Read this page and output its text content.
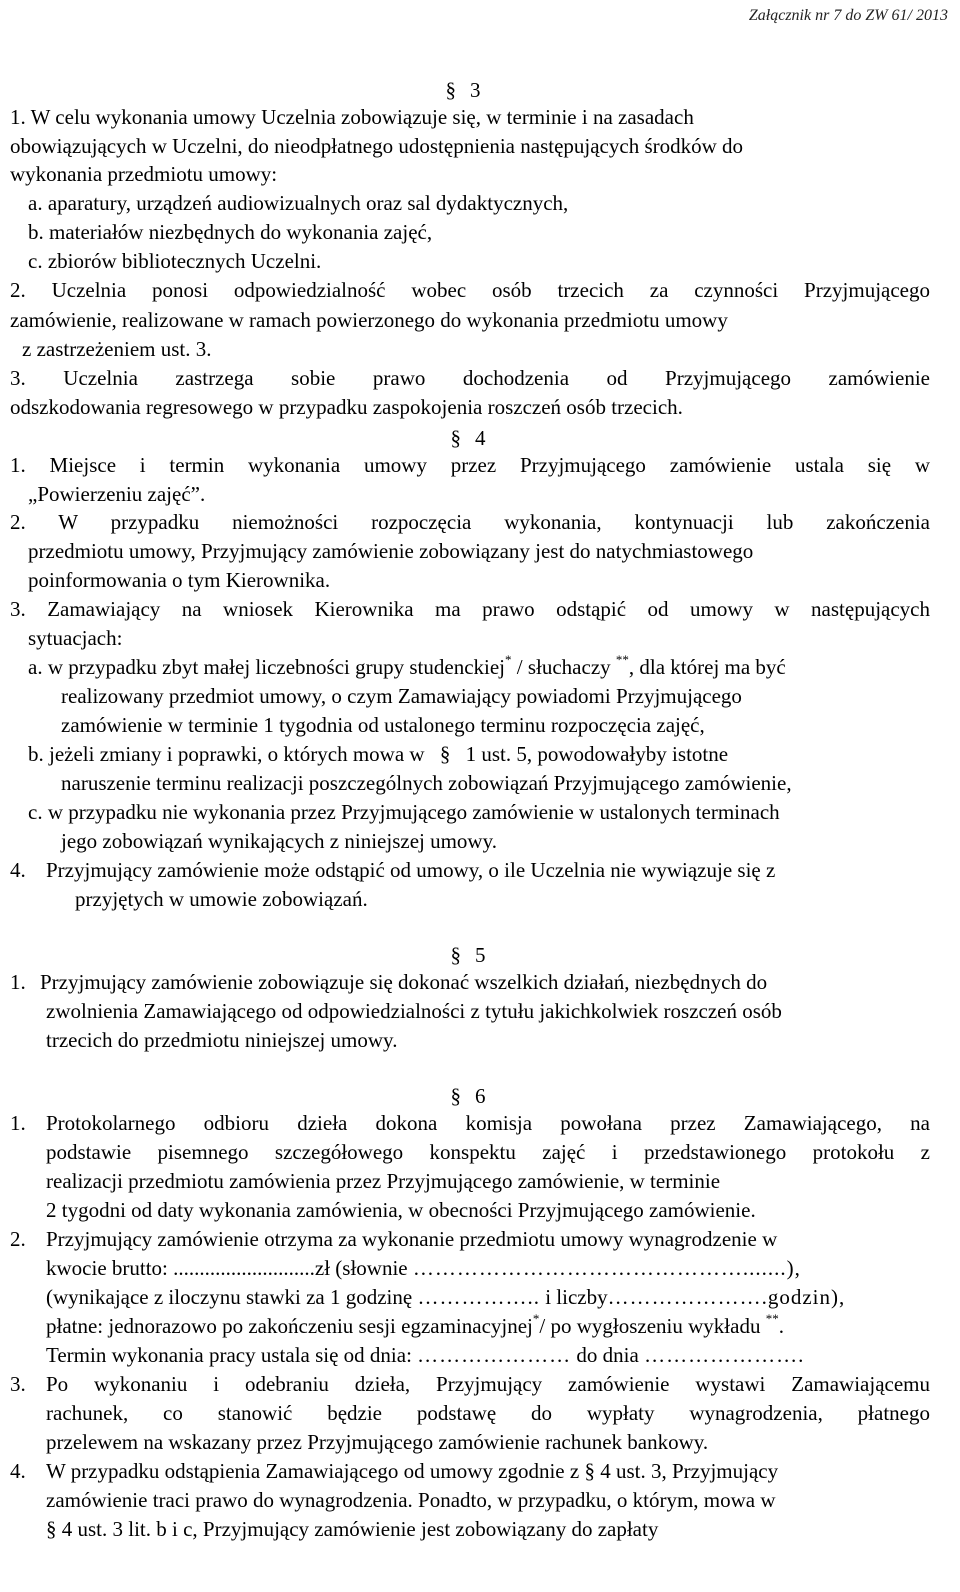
Załącznik nr 7 do ZW 61/ 2013
§ 3
1. W celu wykonania umowy Uczelnia zobowiązuje się, w terminie i na zasadach
obowiązujących w Uczelni, do nieodpłatnego udostępnienia następujących środków do
wykonania przedmiotu umowy:
a. aparatury, urządzeń audiowizualnych oraz sal dydaktycznych,
b. materiałów niezbędnych do wykonania zajęć,
c. zbiorów bibliotecznych Uczelni.
2. Uczelnia ponosi odpowiedzialność wobec osób trzecich za czynności Przyjmującego
zamówienie, realizowane w ramach powierzonego do wykonania przedmiotu umowy
z zastrzeżeniem ust. 3.
3. Uczelnia zastrzega sobie prawo dochodzenia od Przyjmującego zamówienie
odszkodowania regresowego w przypadku zaspokojenia roszczeń osób trzecich.
§ 4
1. Miejsce i termin wykonania umowy przez Przyjmującego zamówienie ustala się w
„Powierzeniu zajęć”.
2. W przypadku niemożności rozpoczęcia wykonania, kontynuacji lub zakończenia
przedmiotu umowy, Przyjmujący zamówienie zobowiązany jest do natychmiastowego
poinformowania o tym Kierownika.
3. Zamawiający na wniosek Kierownika ma prawo odstąpić od umowy w następujących
sytuacjach:
a. w przypadku zbyt małej liczebności grupy studenckiej* / słuchaczy **, dla której ma być
realizowany przedmiot umowy, o czym Zamawiający powiadomi Przyjmującego
zamówienie w terminie 1 tygodnia od ustalonego terminu rozpoczęcia zajęć,
b. jeżeli zmiany i poprawki, o których mowa w § 1 ust. 5, powodowałyby istotne
naruszenie terminu realizacji poszczególnych zobowiązań Przyjmującego zamówienie,
c. w przypadku nie wykonania przez Przyjmującego zamówienie w ustalonych terminach
jego zobowiązań wynikających z niniejszej umowy.
4. Przyjmujący zamówienie może odstąpić od umowy, o ile Uczelnia nie wywiązuje się z
przyjętych w umowie zobowiązań.
§ 5
1. Przyjmujący zamówienie zobowiązuje się dokonać wszelkich działań, niezbędnych do
zwolnienia Zamawiającego od odpowiedzialności z tytułu jakichkolwiek roszczeń osób
trzecich do przedmiotu niniejszej umowy.
§ 6
1. Protokolarnego odbioru dzieła dokona komisja powołana przez Zamawiającego, na
podstawie pisemnego szczegółowego konspektu zajęć i przedstawionego protokołu z
realizacji przedmiotu zamówienia przez Przyjmującego zamówienie, w terminie
2 tygodni od daty wykonania zamówienia, w obecności Przyjmującego zamówienie.
2. Przyjmujący zamówienie otrzyma za wykonanie przedmiotu umowy wynagrodzenie w
kwocie brutto: ...........................zł (słownie ……………………………………….......),
(wynikające z iloczynu stawki za 1 godzinę …………….. i liczby………………….godzin),
płatne: jednorazowo po zakończeniu sesji egzaminacyjnej*/ po wygłoszeniu wykładu **.
Termin wykonania pracy ustala się od dnia: ………………… do dnia ………………….
3. Po wykonaniu i odebraniu dzieła, Przyjmujący zamówienie wystawi Zamawiającemu
rachunek, co stanowić będzie podstawę do wypłaty wynagrodzenia, płatnego
przelewem na wskazany przez Przyjmującego zamówienie rachunek bankowy.
4. W przypadku odstąpienia Zamawiającego od umowy zgodnie z § 4 ust. 3, Przyjmujący
zamówienie traci prawo do wynagrodzenia. Ponadto, w przypadku, o którym, mowa w
§ 4 ust. 3 lit. b i c, Przyjmujący zamówienie jest zobowiązany do zapłaty
